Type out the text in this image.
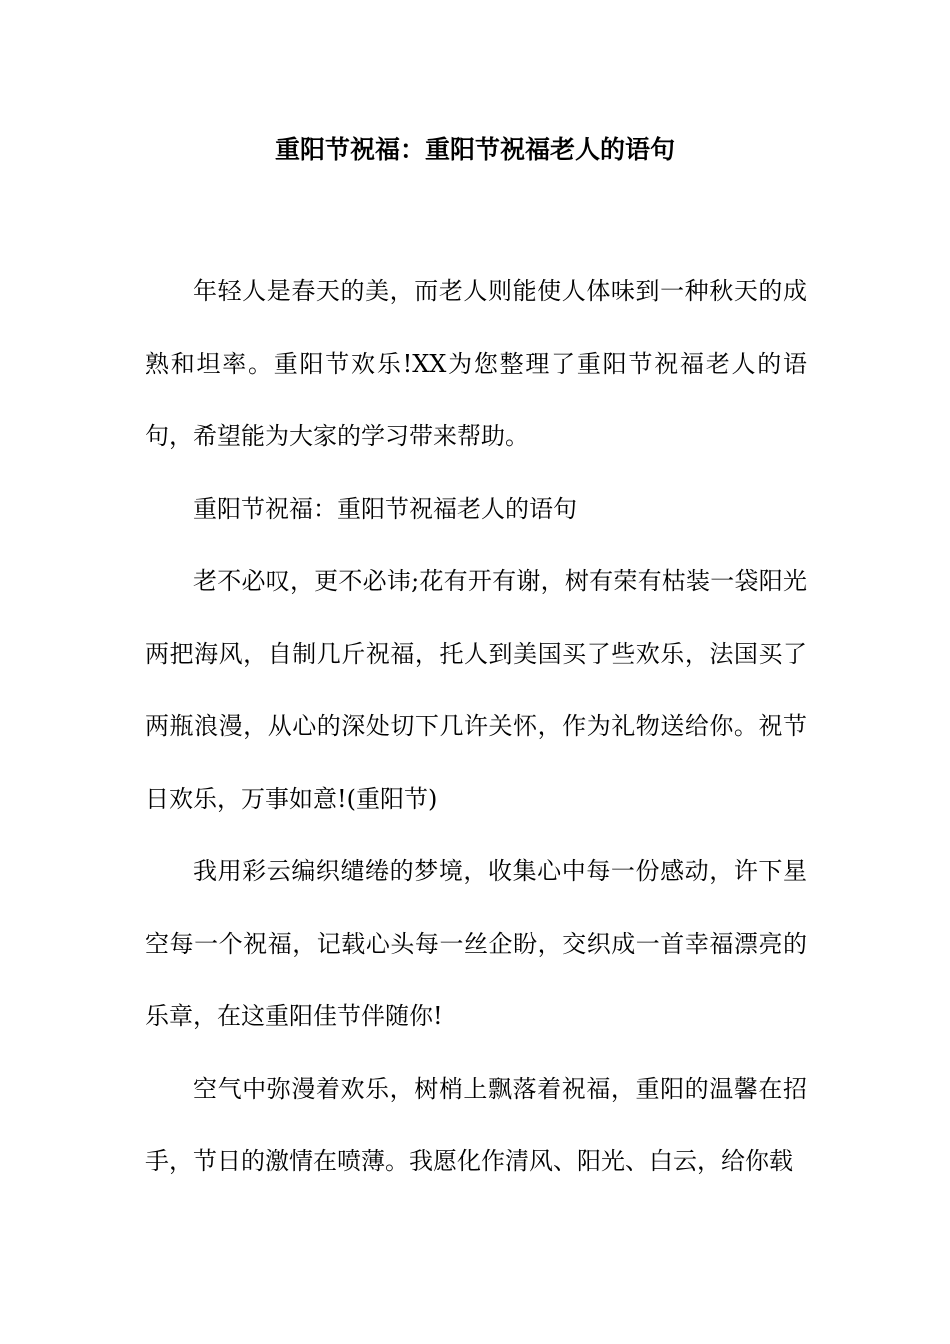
重阳节祝福：重阳节祝福老人的语句

年轻人是春天的美，而老人则能使人体味到一种秋天的成熟和坦率。重阳节欢乐!XX为您整理了重阳节祝福老人的语句，希望能为大家的学习带来帮助。

重阳节祝福：重阳节祝福老人的语句

老不必叹，更不必讳;花有开有谢，树有荣有枯装一袋阳光两把海风，自制几斤祝福，托人到美国买了些欢乐，法国买了两瓶浪漫，从心的深处切下几许关怀，作为礼物送给你。祝节日欢乐，万事如意!(重阳节)

我用彩云编织缱绻的梦境，收集心中每一份感动，许下星空每一个祝福，记载心头每一丝企盼，交织成一首幸福漂亮的乐章，在这重阳佳节伴随你!

空气中弥漫着欢乐，树梢上飘落着祝福，重阳的温馨在招手，节日的激情在喷薄。我愿化作清风、阳光、白云，给你载
